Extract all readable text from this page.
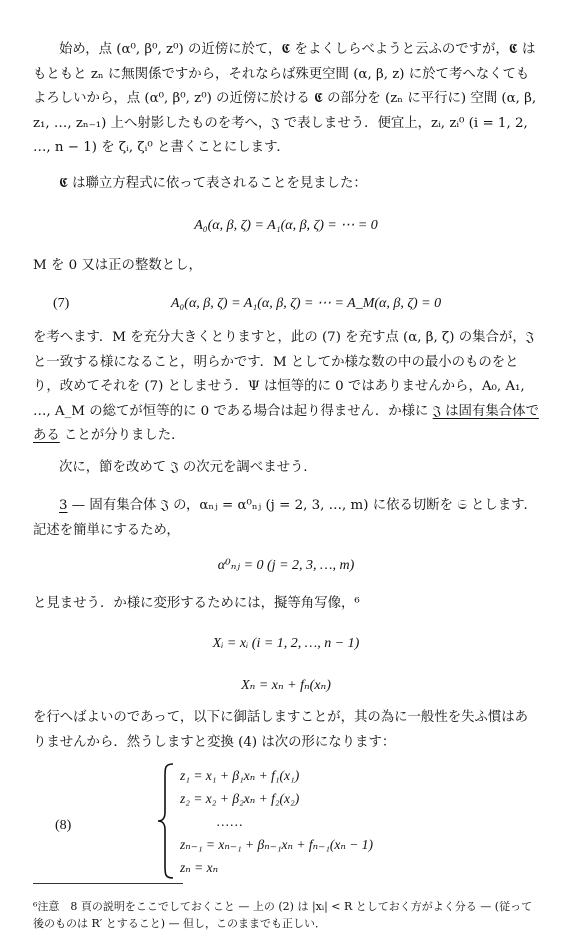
始め，点 (α⁰, β⁰, z⁰) の近傍に於て，𝕮 をよくしらべようと云ふのですが，𝕮 はもともと zₙ に無関係ですから，それならば殊更空間 (α, β, z) に於て考へなくてもよろしいから，点 (α⁰, β⁰, z⁰) の近傍に於ける 𝕮 の部分を (zₙ に平行に) 空間 (α, β, z₁, …, zₙ₋₁) 上へ射影したものを考へ，𝔍 で表しませう．便宜上，zᵢ, zᵢ⁰ (i = 1, 2, …, n − 1) を ζᵢ, ζᵢ⁰ と書くことにします．

𝕮 は聯立方程式に依って表されることを見ました：

A₀(α, β, ζ) = A₁(α, β, ζ) = ⋯ = 0

M を 0 又は正の整数とし，

(7)	A₀(α, β, ζ) = A₁(α, β, ζ) = ⋯ = A_M(α, β, ζ) = 0

を考へます．M を充分大きくとりますと，此の (7) を充す点 (α, β, ζ) の集合が，𝔍 と一致する様になること，明らかです．M としてか様な数の中の最小のものをとり，改めてそれを (7) としませう．Ψ は恒等的に 0 ではありませんから，A₀, A₁, …, A_M の総てが恒等的に 0 である場合は起り得ません．か様に 𝔍 は固有集合体である ことが分りました．

次に，節を改めて 𝔍 の次元を調べませう．

3 — 固有集合体 𝔍 の，αₙⱼ = α⁰ₙⱼ (j = 2, 3, …, m) に依る切断を 𝔖 とします．記述を簡単にするため，

α⁰ₙⱼ = 0 (j = 2, 3, …, m)

と見ませう．か様に変形するためには，擬等角写像，⁶

Xᵢ = xᵢ (i = 1, 2, …, n − 1)
Xₙ = xₙ + fₙ(xₙ)

を行へばよいのであって，以下に御話しますことが，其の為に一般性を失ふ慣はありませんから．然うしますと変換 (4) は次の形になります：

(8)
z₁ = x₁ + β₁xₙ + f₁(x₁)
z₂ = x₂ + β₂xₙ + f₂(x₂)
……
zₙ₋₁ = xₙ₋₁ + βₙ₋₁xₙ + fₙ₋₁(xₙ − 1)
zₙ = xₙ

⁶注意　8 頁の説明をここでしておくこと — 上の (2) は |xᵢ| < R としておく方がよく分る — (従って後のものは R′ とすること) — 但し，このままでも正しい．
